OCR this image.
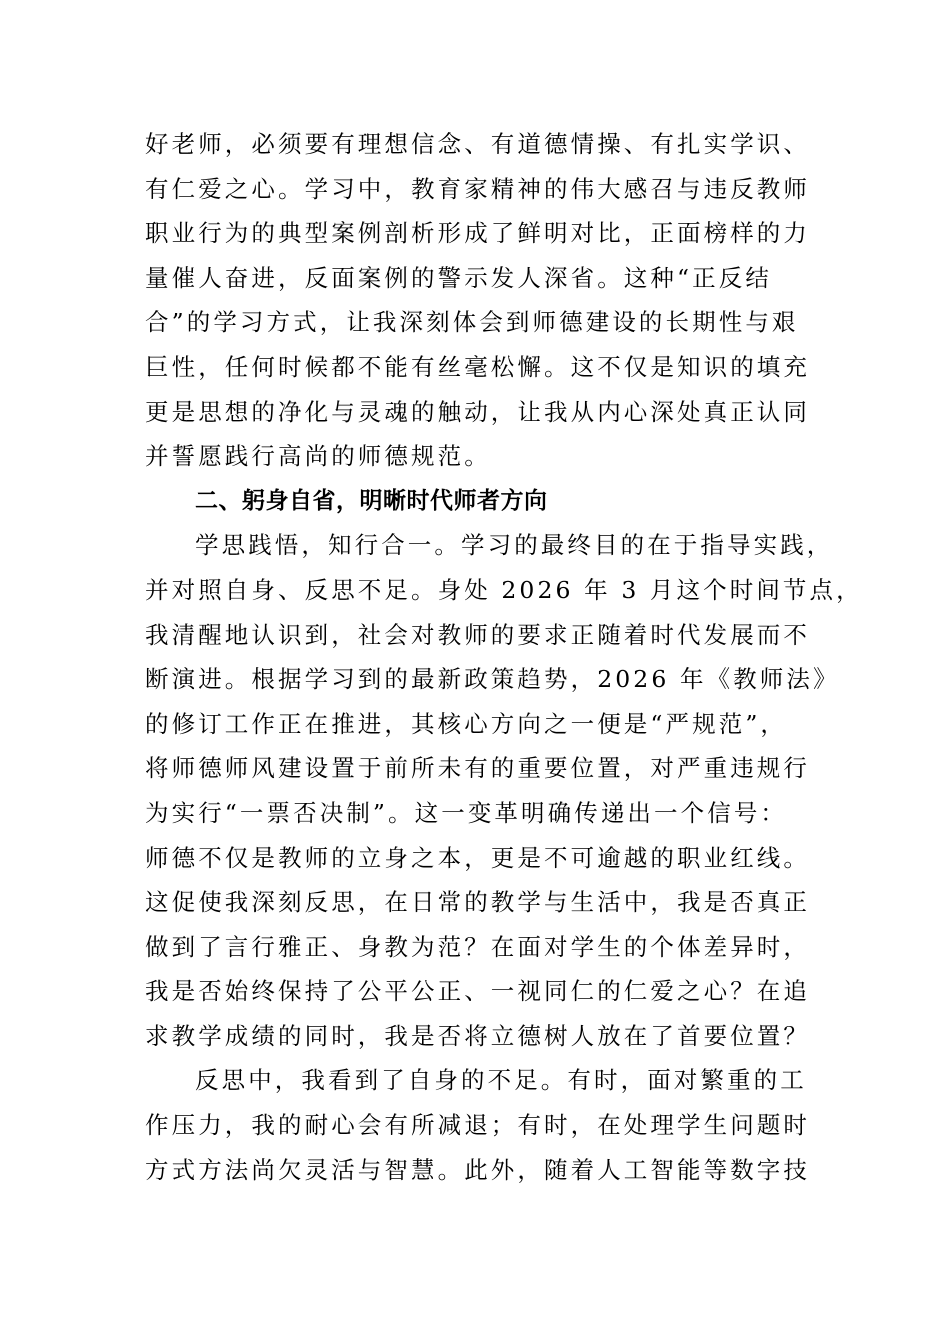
好老师，必须要有理想信念、有道德情操、有扎实学识、
有仁爱之心。学习中，教育家精神的伟大感召与违反教师
职业行为的典型案例剖析形成了鲜明对比，正面榜样的力
量催人奋进，反面案例的警示发人深省。这种“正反结
合”的学习方式，让我深刻体会到师德建设的长期性与艰
巨性，任何时候都不能有丝毫松懈。这不仅是知识的填充
更是思想的净化与灵魂的触动，让我从内心深处真正认同
并誓愿践行高尚的师德规范。
二、躬身自省，明晰时代师者方向
学思践悟，知行合一。学习的最终目的在于指导实践，
并对照自身、反思不足。身处 2026 年 3 月这个时间节点，
我清醒地认识到，社会对教师的要求正随着时代发展而不
断演进。根据学习到的最新政策趋势，2026 年《教师法》
的修订工作正在推进，其核心方向之一便是“严规范”，
将师德师风建设置于前所未有的重要位置，对严重违规行
为实行“一票否决制”。这一变革明确传递出一个信号：
师德不仅是教师的立身之本，更是不可逾越的职业红线。
这促使我深刻反思，在日常的教学与生活中，我是否真正
做到了言行雅正、身教为范？在面对学生的个体差异时，
我是否始终保持了公平公正、一视同仁的仁爱之心？在追
求教学成绩的同时，我是否将立德树人放在了首要位置？
反思中，我看到了自身的不足。有时，面对繁重的工
作压力，我的耐心会有所减退；有时，在处理学生问题时
方式方法尚欠灵活与智慧。此外，随着人工智能等数字技
